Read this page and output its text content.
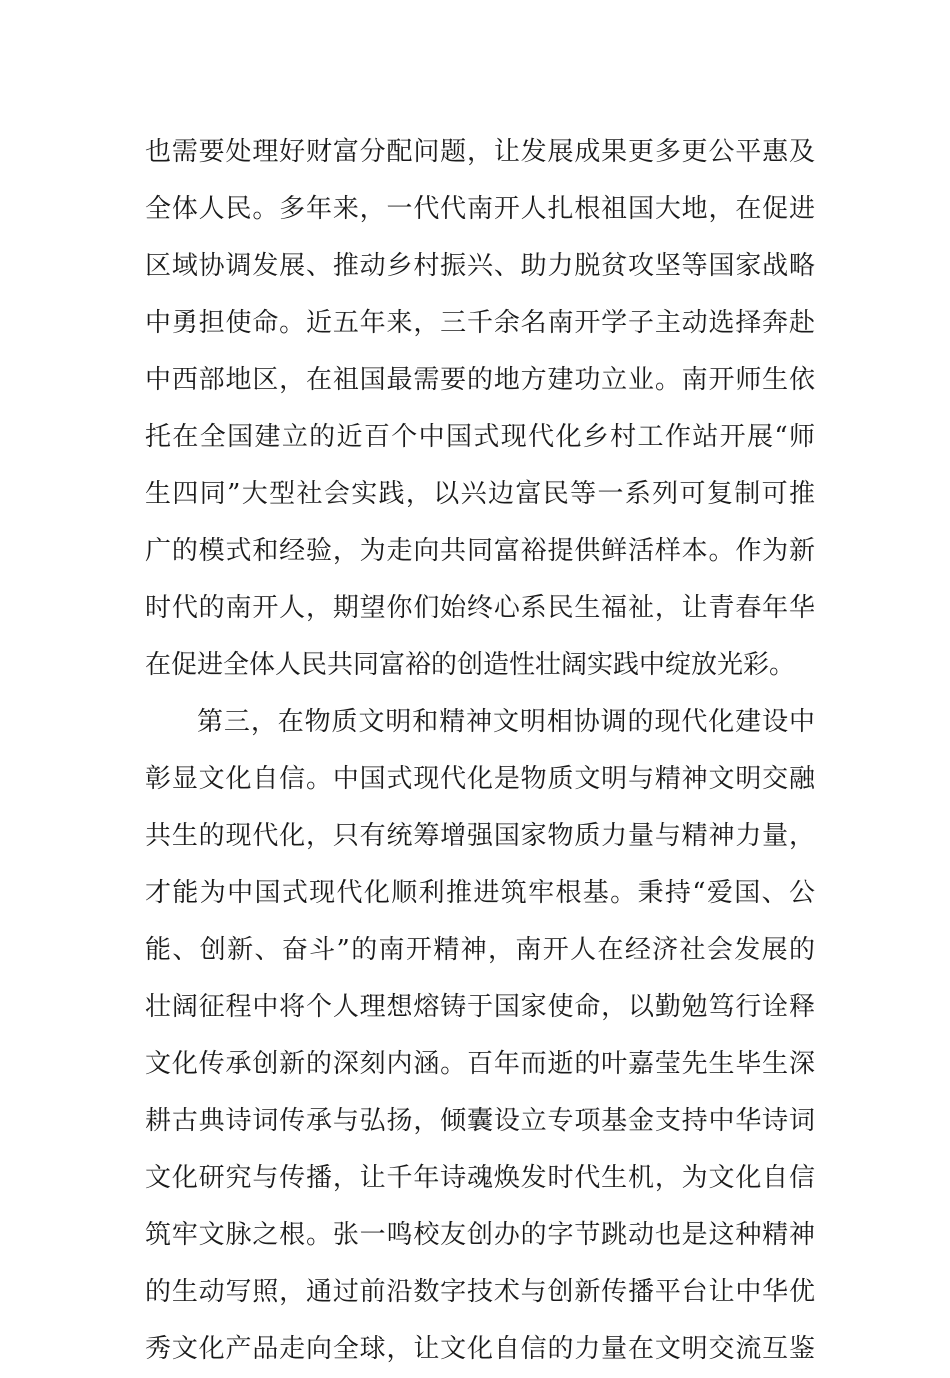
也需要处理好财富分配问题，让发展成果更多更公平惠及
全体人民。多年来，一代代南开人扎根祖国大地，在促进
区域协调发展、推动乡村振兴、助力脱贫攻坚等国家战略
中勇担使命。近五年来，三千余名南开学子主动选择奔赴
中西部地区，在祖国最需要的地方建功立业。南开师生依
托在全国建立的近百个中国式现代化乡村工作站开展“师
生四同”大型社会实践，以兴边富民等一系列可复制可推
广的模式和经验，为走向共同富裕提供鲜活样本。作为新
时代的南开人，期望你们始终心系民生福祉，让青春年华
在促进全体人民共同富裕的创造性壮阔实践中绽放光彩。
第三，在物质文明和精神文明相协调的现代化建设中
彰显文化自信。中国式现代化是物质文明与精神文明交融
共生的现代化，只有统筹增强国家物质力量与精神力量，
才能为中国式现代化顺利推进筑牢根基。秉持“爱国、公
能、创新、奋斗”的南开精神，南开人在经济社会发展的
壮阔征程中将个人理想熔铸于国家使命，以勤勉笃行诠释
文化传承创新的深刻内涵。百年而逝的叶嘉莹先生毕生深
耕古典诗词传承与弘扬，倾囊设立专项基金支持中华诗词
文化研究与传播，让千年诗魂焕发时代生机，为文化自信
筑牢文脉之根。张一鸣校友创办的字节跳动也是这种精神
的生动写照，通过前沿数字技术与创新传播平台让中华优
秀文化产品走向全球，让文化自信的力量在文明交流互鉴
